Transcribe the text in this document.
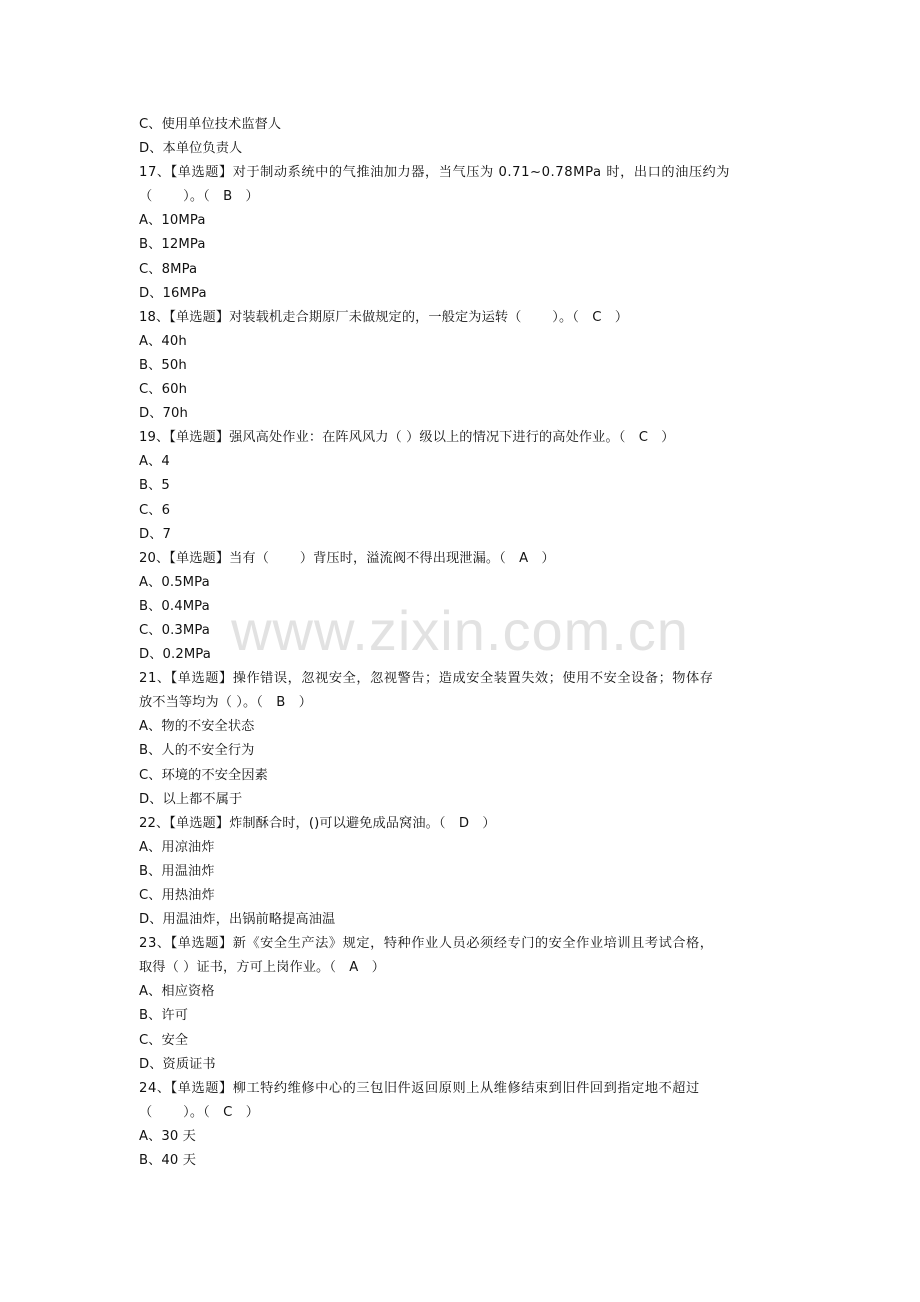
C、使用单位技术监督人
D、本单位负责人
17、【单选题】对于制动系统中的气推油加力器，当气压为 0.71~0.78MPa 时，出口的油压约为
（　　 ）。（　B　）
A、10MPa
B、12MPa
C、8MPa
D、16MPa
18、【单选题】对装载机走合期原厂未做规定的，一般定为运转（　　 ）。（　C　）
A、40h
B、50h
C、60h
D、70h
19、【单选题】强风高处作业：在阵风风力（ ）级以上的情况下进行的高处作业。（　C　）
A、4
B、5
C、6
D、7
20、【单选题】当有（　　 ）背压时，溢流阀不得出现泄漏。（　A　）
A、0.5MPa
B、0.4MPa
C、0.3MPa
D、0.2MPa
21、【单选题】操作错误，忽视安全，忽视警告；造成安全装置失效；使用不安全设备；物体存
放不当等均为（ ）。（　B　）
A、物的不安全状态
B、人的不安全行为
C、环境的不安全因素
D、以上都不属于
22、【单选题】炸制酥合时，()可以避免成品窝油。（　D　）
A、用凉油炸
B、用温油炸
C、用热油炸
D、用温油炸，出锅前略提高油温
23、【单选题】新《安全生产法》规定，特种作业人员必须经专门的安全作业培训且考试合格，
取得（ ）证书，方可上岗作业。（　A　）
A、相应资格
B、许可
C、安全
D、资质证书
24、【单选题】柳工特约维修中心的三包旧件返回原则上从维修结束到旧件回到指定地不超过
（　　 ）。（　C　）
A、30 天
B、40 天
www.zixin.com.cn
